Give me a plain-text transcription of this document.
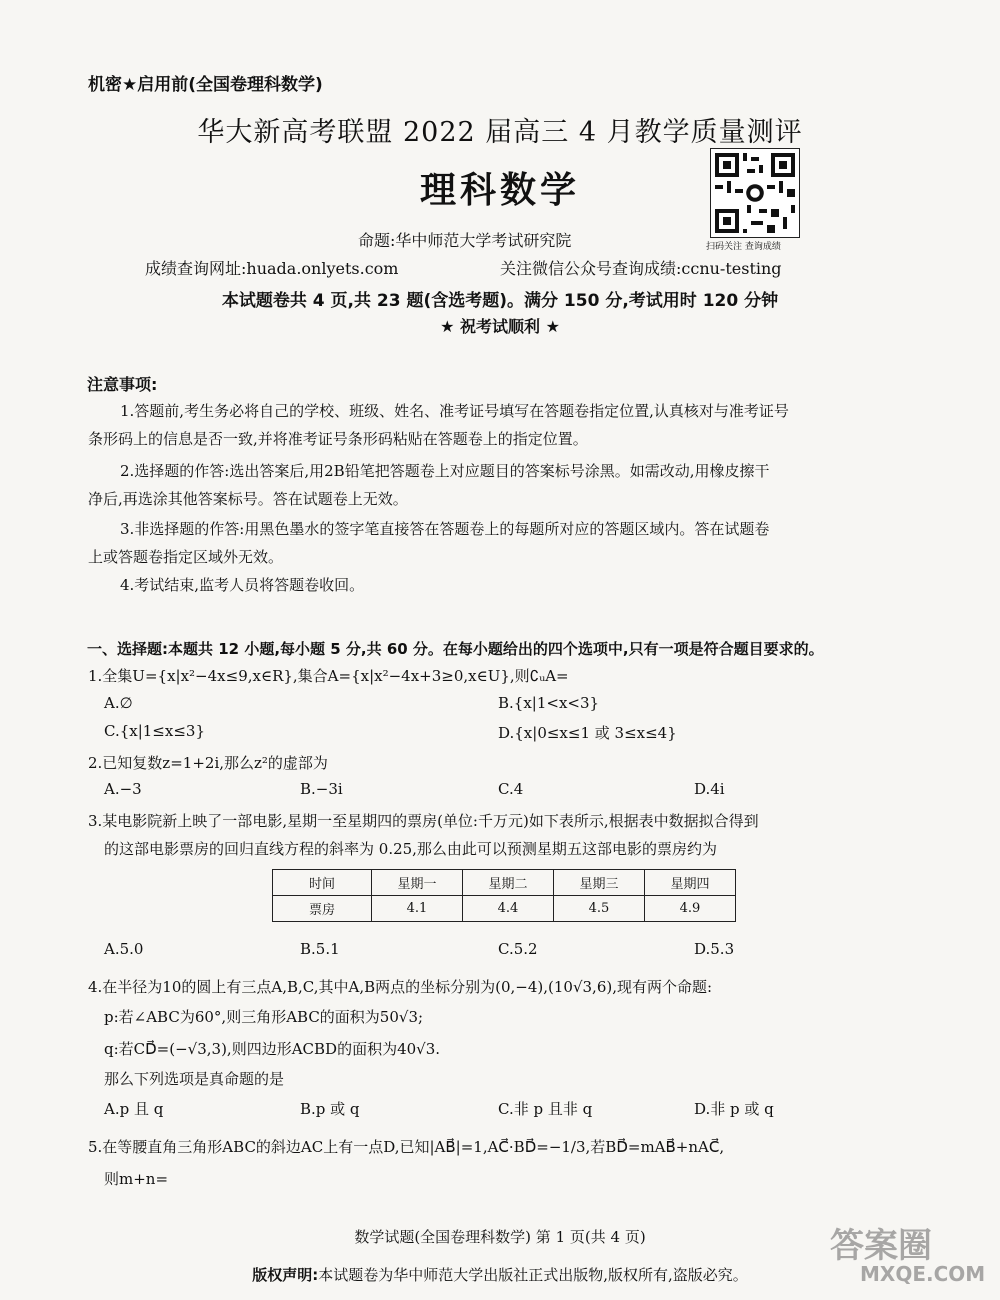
机密★启用前(全国卷理科数学)
华大新高考联盟 2022 届高三 4 月教学质量测评
理科数学
扫码关注 查询成绩
命题:华中师范大学考试研究院
成绩查询网址:huada.onlyets.com	关注微信公众号查询成绩:ccnu-testing
本试题卷共 4 页,共 23 题(含选考题)。满分 150 分,考试用时 120 分钟
★ 祝考试顺利 ★
注意事项:
1.答题前,考生务必将自己的学校、班级、姓名、准考证号填写在答题卷指定位置,认真核对与准考证号
条形码上的信息是否一致,并将准考证号条形码粘贴在答题卷上的指定位置。
2.选择题的作答:选出答案后,用2B铅笔把答题卷上对应题目的答案标号涂黑。如需改动,用橡皮擦干
净后,再选涂其他答案标号。答在试题卷上无效。
3.非选择题的作答:用黑色墨水的签字笔直接答在答题卷上的每题所对应的答题区域内。答在试题卷
上或答题卷指定区域外无效。
4.考试结束,监考人员将答题卷收回。
一、选择题:本题共 12 小题,每小题 5 分,共 60 分。在每小题给出的四个选项中,只有一项是符合题目要求的。
1.全集U={x|x²−4x≤9,x∈R},集合A={x|x²−4x+3≥0,x∈U},则∁ᵤA=
A.∅	B.{x|1<x<3}
C.{x|1≤x≤3}	D.{x|0≤x≤1 或 3≤x≤4}
2.已知复数z=1+2i,那么z²的虚部为
A.−3	B.−3i	C.4	D.4i
3.某电影院新上映了一部电影,星期一至星期四的票房(单位:千万元)如下表所示,根据表中数据拟合得到
的这部电影票房的回归直线方程的斜率为 0.25,那么由此可以预测星期五这部电影的票房约为
时间	星期一	星期二	星期三	星期四
票房	4.1	4.4	4.5	4.9
A.5.0	B.5.1	C.5.2	D.5.3
4.在半径为10的圆上有三点A,B,C,其中A,B两点的坐标分别为(0,−4),(10√3,6),现有两个命题:
p:若∠ABC为60°,则三角形ABC的面积为50√3;
q:若CD⃗=(−√3,3),则四边形ACBD的面积为40√3.
那么下列选项是真命题的是
A.p 且 q	B.p 或 q	C.非 p 且非 q	D.非 p 或 q
5.在等腰直角三角形ABC的斜边AC上有一点D,已知|AB⃗|=1,AC⃗·BD⃗=−1/3,若BD⃗=mAB⃗+nAC⃗,
则m+n=
数学试题(全国卷理科数学) 第 1 页(共 4 页)
版权声明:本试题卷为华中师范大学出版社正式出版物,版权所有,盗版必究。
答案圈
MXQE.COM
